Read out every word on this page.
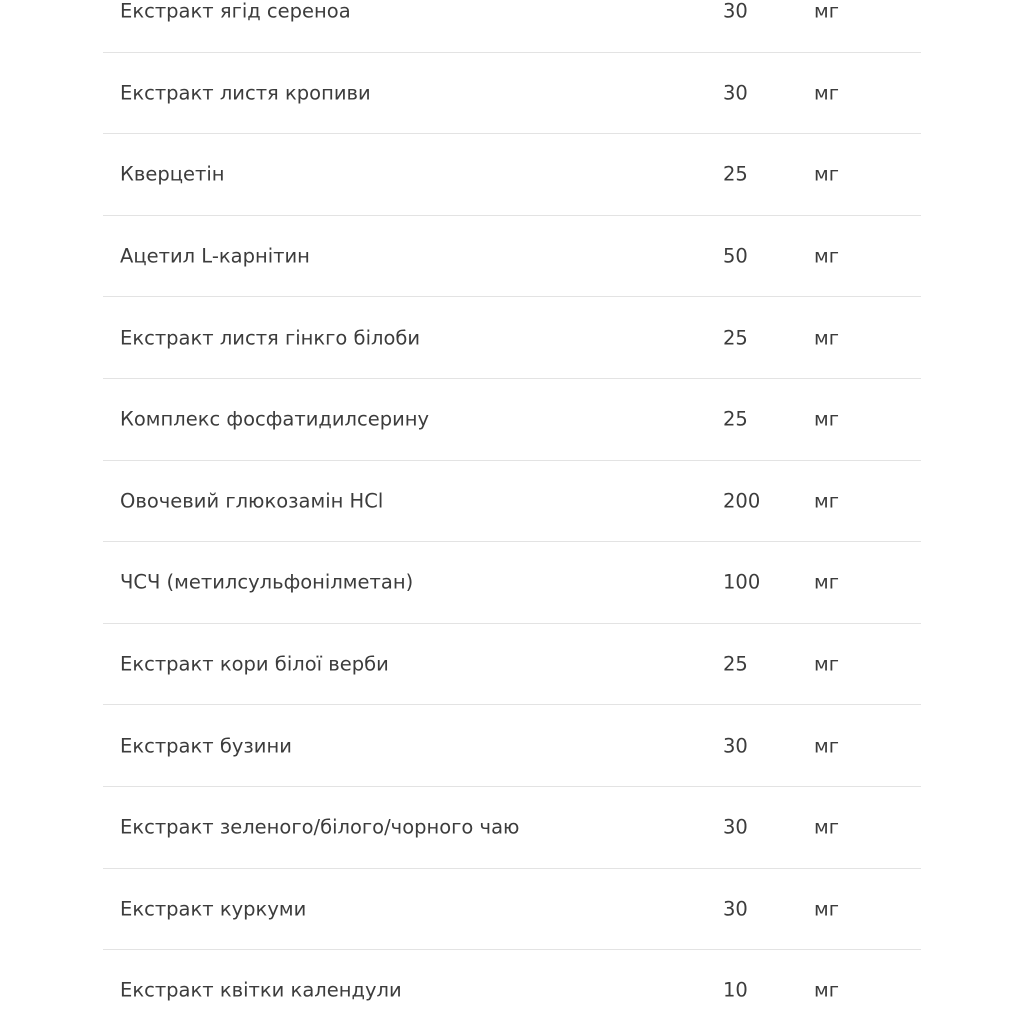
Екстракт ягід сереноа	30	мг
Екстракт листя кропиви	30	мг
Кверцетін	25	мг
Ацетил L-карнітин	50	мг
Екстракт листя гінкго білоби	25	мг
Комплекс фосфатидилсерину	25	мг
Овочевий глюкозамін HCl	200	мг
ЧСЧ (метилсульфонілметан)	100	мг
Екстракт кори білої верби	25	мг
Екстракт бузини	30	мг
Екстракт зеленого/білого/чорного чаю	30	мг
Екстракт куркуми	30	мг
Екстракт квітки календули	10	мг
